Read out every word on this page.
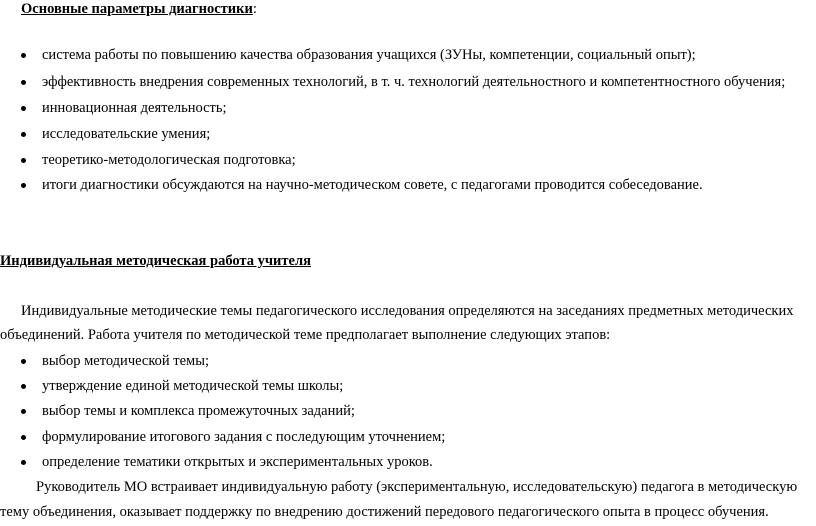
Основные параметры диагностики:
система работы по повышению качества образования учащихся (ЗУНы, компетенции, социальный опыт);
эффективность внедрения современных технологий, в т. ч. технологий деятельностного и компетентностного обучения;
инновационная деятельность;
исследовательские умения;
теоретико-методологическая подготовка;
итоги диагностики обсуждаются на научно-методическом совете, с педагогами проводится собеседование.
Индивидуальная методическая работа учителя
Индивидуальные методические темы педагогического исследования определяются на заседаниях предметных методических
объединений. Работа учителя по методической теме предполагает выполнение следующих этапов:
выбор методической темы;
утверждение единой методической темы школы;
выбор темы и комплекса промежуточных заданий;
формулирование итогового задания с последующим уточнением;
определение тематики открытых и экспериментальных уроков.
Руководитель МО встраивает индивидуальную работу (экспериментальную, исследовательскую) педагога в методическую
тему объединения, оказывает поддержку по внедрению достижений передового педагогического опыта в процесс обучения.
